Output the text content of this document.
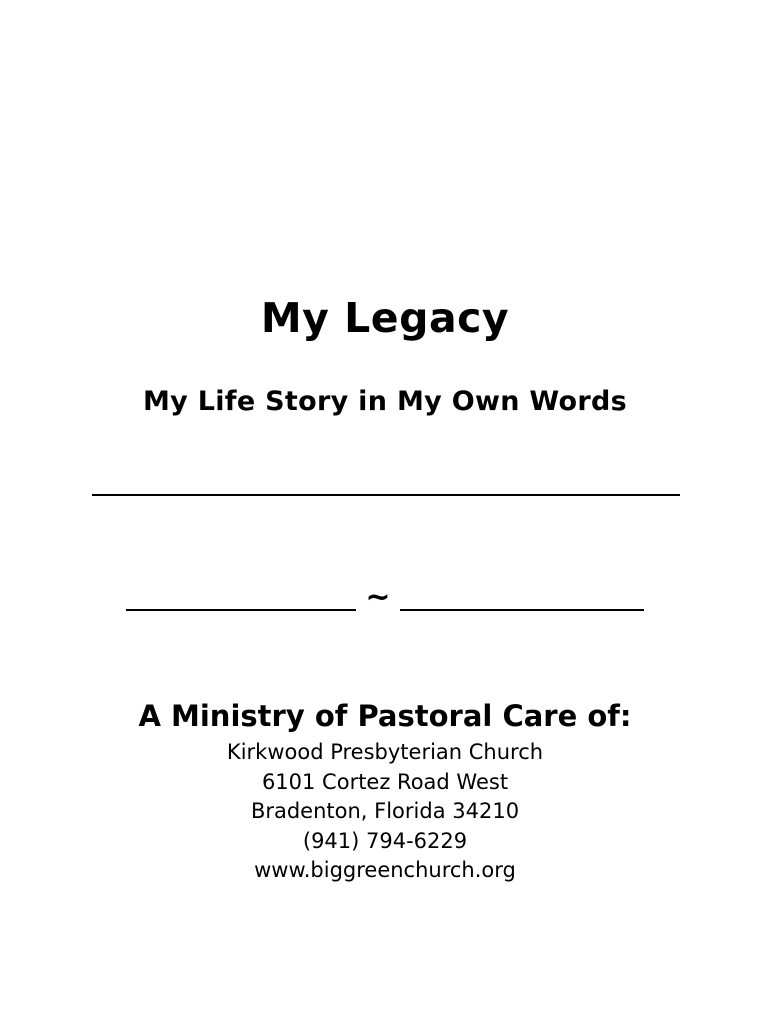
My Legacy
My Life Story in My Own Words
~
A Ministry of Pastoral Care of:
Kirkwood Presbyterian Church
6101 Cortez Road West
Bradenton, Florida 34210
(941) 794-6229
www.biggreenchurch.org
